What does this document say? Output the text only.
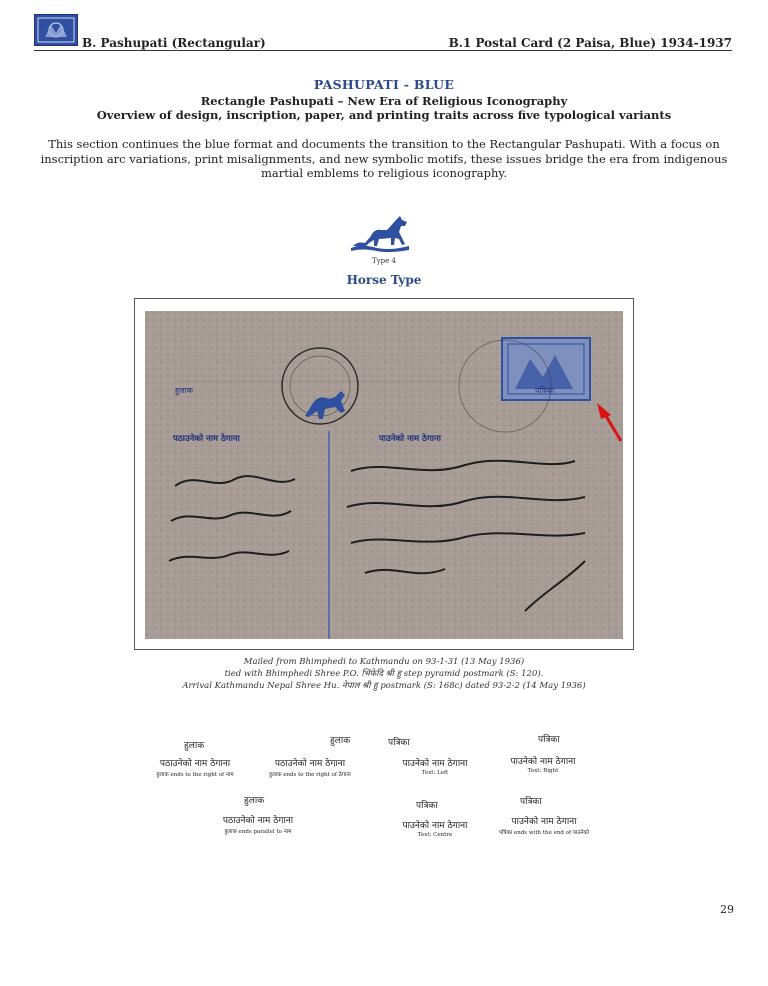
B. Pashupati (Rectangular)	B.1 Postal Card (2 Paisa, Blue) 1934-1937
PASHUPATI - BLUE
Rectangle Pashupati – New Era of Religious Iconography
Overview of design, inscription, paper, and printing traits across five typological variants
This section continues the blue format and documents the transition to the Rectangular Pashupati. With a focus on inscription arc variations, print misalignments, and new symbolic motifs, these issues bridge the era from indigenous martial emblems to religious iconography.
Type 4
Horse Type
हुलाक	पत्रिका
पठाउनेको नाम ठेगाना	पाउनेको नाम ठेगाना
Mailed from Bhimphedi to Kathmandu on 93-1-31 (13 May 1936)
tied with Bhimphedi Shree P.O. भिंफेदि श्री हु step pyramid postmark (S: 120).
Arrival Kathmandu Nepal Shree Hu. नेपाल श्री हु postmark (S: 168c) dated 93-2-2 (14 May 1936)
हुलाक
पठाउनेको नाम ठेगाना
हुलाक ends to the right of नाम
हुलाक
पठाउनेको नाम ठेगाना
हुलाक ends to the right of ठेगाना
पत्रिका
पाउनेको नाम ठेगाना
Text: Left
पत्रिका
पाउनेको नाम ठेगाना
Text: Right
हुलाक
पठाउनेको नाम ठेगाना
हुलाक ends parallel to नाम
पत्रिका
पाउनेको नाम ठेगाना
Text: Centre
पत्रिका
पाउनेको नाम ठेगाना
पत्रिका ends with the end of पाउनेको
29
